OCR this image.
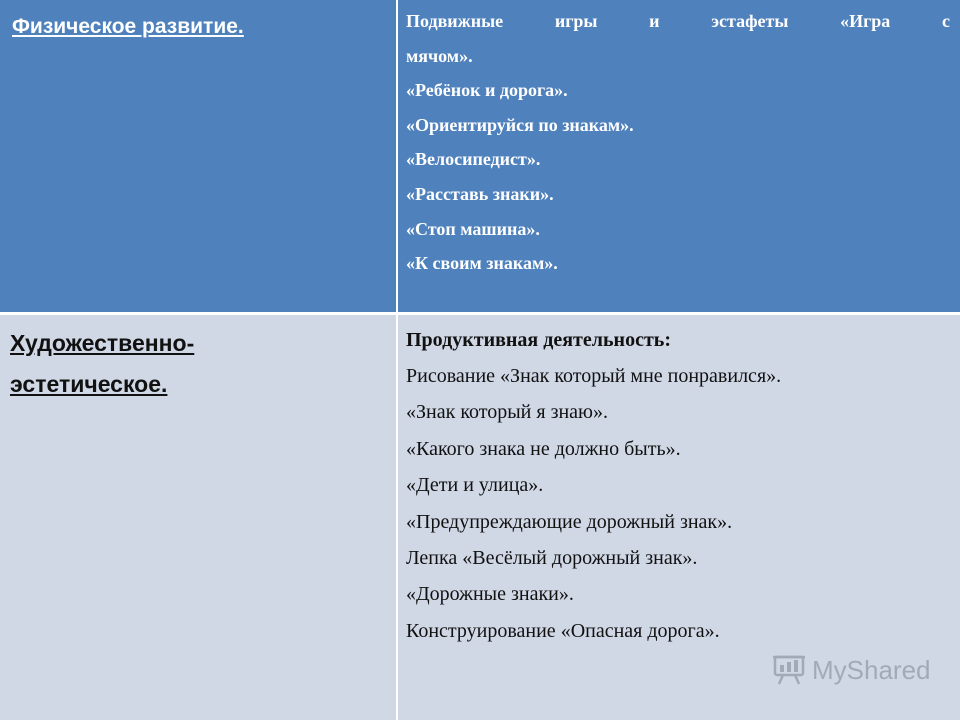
Физическое развитие.	Подвижные игры и эстафеты «Игра с
мячом».
«Ребёнок и дорога».
«Ориентируйся по знакам».
«Велосипедист».
«Расставь знаки».
«Стоп машина».
«К своим знакам».
Художественно-
эстетическое.
Продуктивная деятельность:
Рисование «Знак который мне понравился».
«Знак который я знаю».
«Какого знака не должно быть».
«Дети и улица».
«Предупреждающие дорожный знак».
Лепка «Весёлый дорожный знак».
«Дорожные знаки».
Конструирование «Опасная дорога».
MyShared
